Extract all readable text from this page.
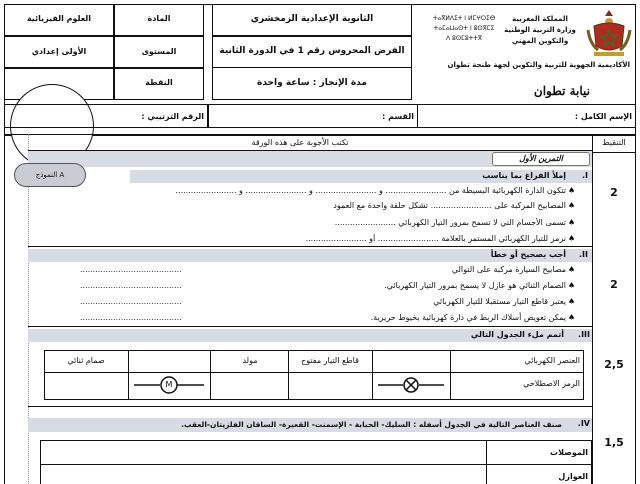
العلوم الفيزيائية
الأولى إعدادي
المادة
المستوى
النقطة
الثانوية الإعدادية الزمخشري
الفرض المحروس رقم 1 في الدورة الثانية
مدة الإنجاز : ساعة واحدة
ⵜⴰⴳⵍⴷⵉⵜ ⵏ ⵍⵎⵖⵔⵉⴱ
ⵜⴰⵎⴰⵡⴰⵙⵜ ⵏ ⵓⵙⴳⵎⵉ
ⴷ ⵓⵙⵎⵓⵜⵜⴳ
المملكة المغربية
وزارة التربية الوطنية
والتكوين المهني
الأكاديمية الجهوية للتربية والتكوين لجهة طنجة تطوان
نيابة تطوان
الإسم الكامل :
القسم :
الرقم الترتيبي :
التنقيط
تكتب الأجوبة على هذه الورقة
التمرين الأول
النموذج A	I.
إملأ الفراغ بما يناسب
2
تتكون الدارة الكهربائية البسيطة من ........................ و ........................ و ........................ و ........................
المصابيح المركبة على ........................ تشكل حلقة واحدة مع العمود
تسمى الأجسام التي لا تسمح بمرور التيار الكهربائي ........................
نرمز للتيار الكهربائي المستمر بالعلامة ........................ أو ........................
♠
♠
♠
♠
II.
أجب بصحيح أو خطأ
2
مصابيح السيارة مركبة على التوالي
الصمام الثنائي هو عازل لا يسمح بمرور التيار الكهربائي.
يعتبر قاطع التيار مستقبلا للتيار الكهربائي
يمكن تعويض أسلاك الربط في دارة كهربائية بخيوط حريرية.
♠
♠
♠
♠
........................................
........................................
........................................
........................................
III.
أتمم ملء الجدول التالي
2,5
العنصر الكهربائي
الرمز الاصطلاحي
قاطع التيار مفتوح
مولد
صمام ثنائي
M
IV.
صنف العناصر التالية في الجدول أسفله : السليك- الحبابة - الإسمنت- القعيرة- الساقان الفلزيتان-العقب.
1,5
الموصلات
العوازل
